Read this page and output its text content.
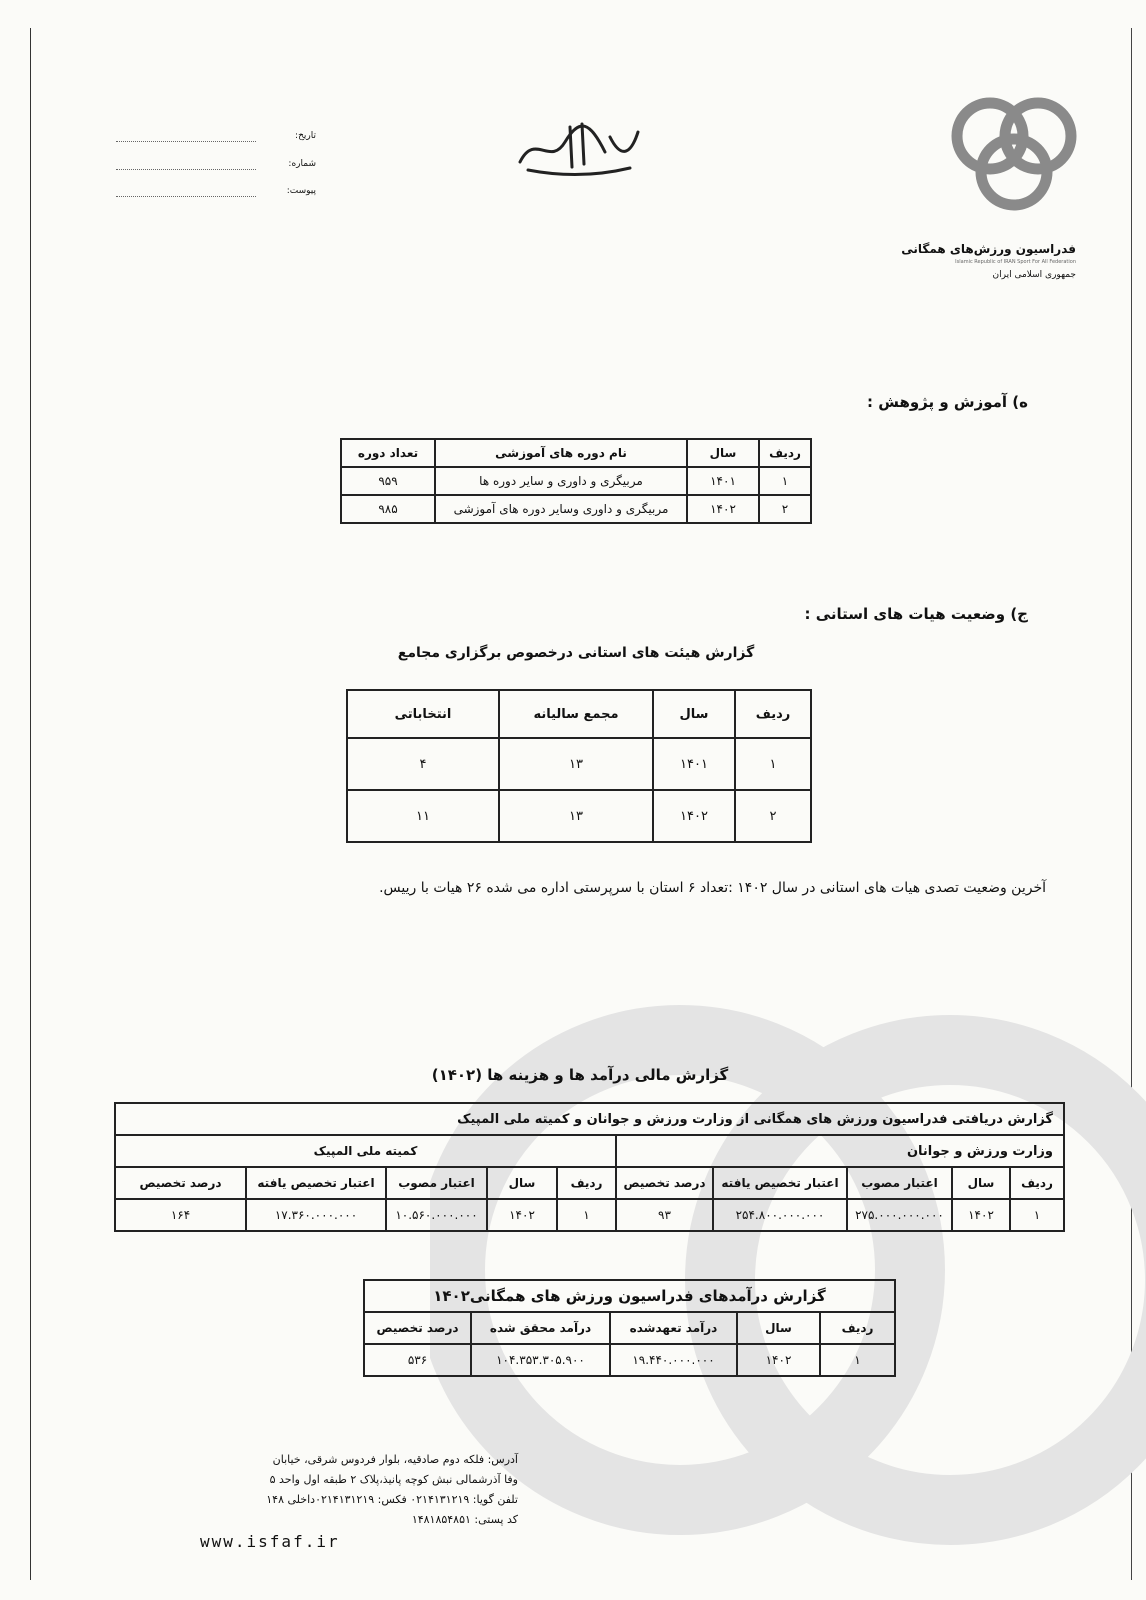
فدراسیون ورزش‌های همگانی
Islamic Republic of IRAN Sport For All Federation
جمهوری اسلامی ایران
تاریخ:
شماره:
پیوست:
ه) آموزش و پژوهش :
ردیف	سال	نام دوره های آموزشی	تعداد دوره
۱	۱۴۰۱	مربیگری و داوری و سایر دوره ها	۹۵۹
۲	۱۴۰۲	مربیگری و داوری وسایر دوره های آموزشی	۹۸۵
ج) وضعیت هیات های استانی :
گزارش هیئت های استانی درخصوص برگزاری مجامع
ردیف	سال	مجمع سالیانه	انتخاباتی
۱	۱۴۰۱	۱۳	۴
۲	۱۴۰۲	۱۳	۱۱
آخرین وضعیت تصدی هیات های استانی در سال ۱۴۰۲ :تعداد ۶ استان با سرپرستی اداره می شده ۲۶ هیات با رییس.
گزارش مالی درآمد ها و هزینه ها (۱۴۰۲)
گزارش دریافتی فدراسیون ورزش های همگانی از وزارت ورزش و جوانان و کمیته ملی المپیک									
وزارت ورزش و جوانان					کمیته ملی المپیک				
ردیف	سال	اعتبار مصوب	اعتبار تخصیص یافته	درصد تخصیص	ردیف	سال	اعتبار مصوب	اعتبار تخصیص یافته	درصد تخصیص
۱	۱۴۰۲	۲۷۵.۰۰۰.۰۰۰.۰۰۰	۲۵۴.۸۰۰.۰۰۰.۰۰۰	۹۳	۱	۱۴۰۲	۱۰.۵۶۰.۰۰۰.۰۰۰	۱۷.۳۶۰.۰۰۰.۰۰۰	۱۶۴
گزارش درآمدهای فدراسیون ورزش های همگانی۱۴۰۲				
ردیف	سال	درآمد تعهدشده	درآمد محقق شده	درصد تخصیص
۱	۱۴۰۲	۱۹.۴۴۰.۰۰۰.۰۰۰	۱۰۴.۳۵۳.۳۰۵.۹۰۰	۵۳۶
آدرس: فلکه دوم صادقیه، بلوار فردوس شرقی، خیابان
وفا آذرشمالی نبش کوچه پانیذ،پلاک ۲ طبقه اول واحد ۵
تلفن گویا: ۰۲۱۴۱۳۱۲۱۹ فکس: ۰۲۱۴۱۳۱۲۱۹داخلی ۱۴۸
کد پستی: ۱۴۸۱۸۵۴۸۵۱
www.isfaf.ir
